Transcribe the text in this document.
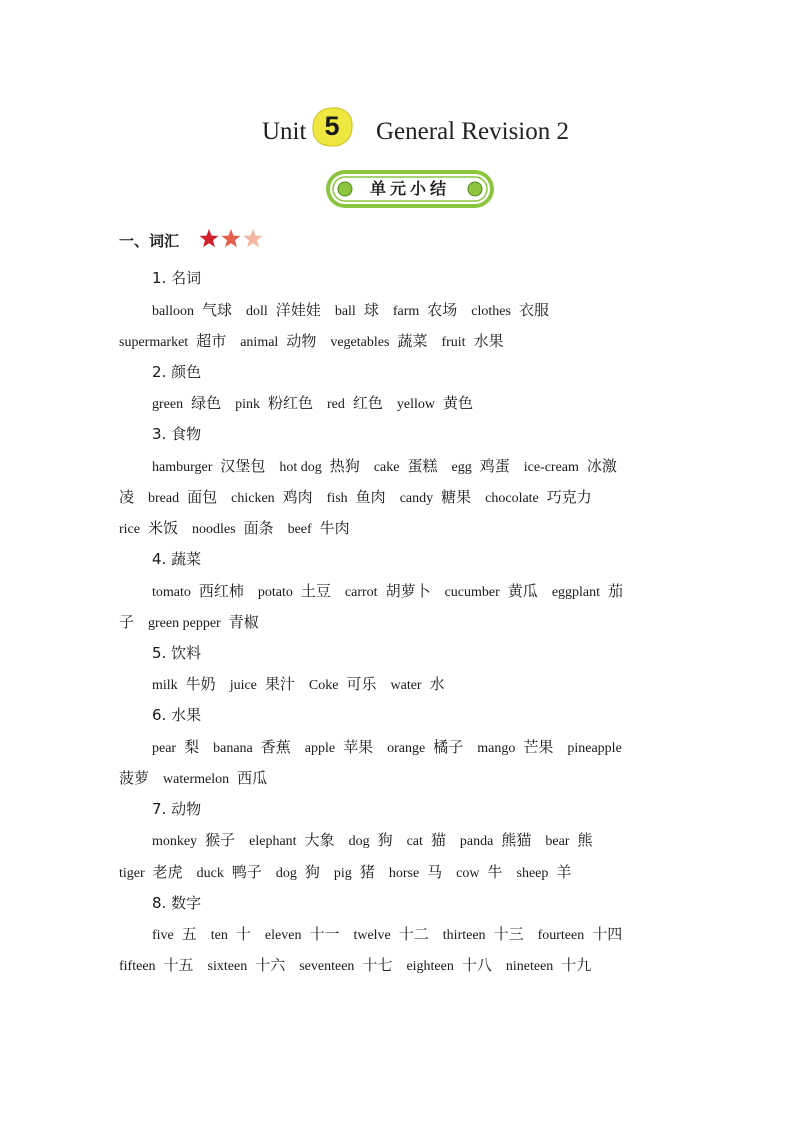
Unit 5	General Revision 2
单元小结
一、词汇
1. 名词
balloon 气球 doll 洋娃娃 ball 球 farm 农场 clothes 衣服
supermarket 超市 animal 动物 vegetables 蔬菜 fruit 水果
2. 颜色
green 绿色 pink 粉红色 red 红色 yellow 黄色
3. 食物
hamburger 汉堡包 hot dog 热狗 cake 蛋糕 egg 鸡蛋 ice-cream 冰激
凌 bread 面包 chicken 鸡肉 fish 鱼肉 candy 糖果 chocolate 巧克力
rice 米饭 noodles 面条 beef 牛肉
4. 蔬菜
tomato 西红柿 potato 土豆 carrot 胡萝卜 cucumber 黄瓜 eggplant 茄
子 green pepper 青椒
5. 饮料
milk 牛奶 juice 果汁 Coke 可乐 water 水
6. 水果
pear 梨 banana 香蕉 apple 苹果 orange 橘子 mango 芒果 pineapple
菠萝 watermelon 西瓜
7. 动物
monkey 猴子 elephant 大象 dog 狗 cat 猫 panda 熊猫 bear 熊
tiger 老虎 duck 鸭子 dog 狗 pig 猪 horse 马 cow 牛 sheep 羊
8. 数字
five 五 ten 十 eleven 十一 twelve 十二 thirteen 十三 fourteen 十四
fifteen 十五 sixteen 十六 seventeen 十七 eighteen 十八 nineteen 十九
